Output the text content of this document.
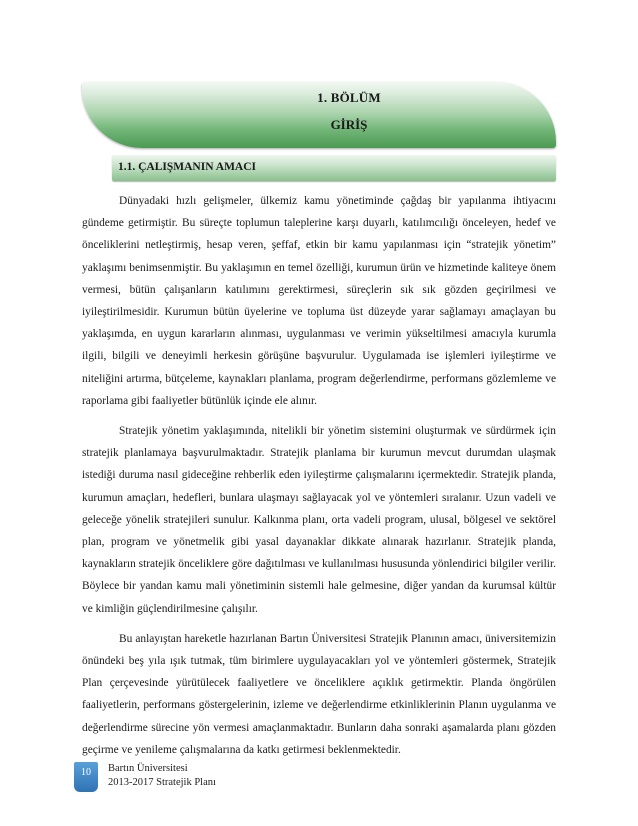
1. BÖLÜM
GİRİŞ
1.1. ÇALIŞMANIN AMACI

Dünyadaki hızlı gelişmeler, ülkemiz kamu yönetiminde çağdaş bir yapılanma ihtiyacını gündeme getirmiştir. Bu süreçte toplumun taleplerine karşı duyarlı, katılımcılığı önceleyen, hedef ve önceliklerini netleştirmiş, hesap veren, şeffaf, etkin bir kamu yapılanması için “stratejik yönetim” yaklaşımı benimsenmiştir. Bu yaklaşımın en temel özelliği, kurumun ürün ve hizmetinde kaliteye önem vermesi, bütün çalışanların katılımını gerektirmesi, süreçlerin sık sık gözden geçirilmesi ve iyileştirilmesidir. Kurumun bütün üyelerine ve topluma üst düzeyde yarar sağlamayı amaçlayan bu yaklaşımda, en uygun kararların alınması, uygulanması ve verimin yükseltilmesi amacıyla kurumla ilgili, bilgili ve deneyimli herkesin görüşüne başvurulur. Uygulamada ise işlemleri iyileştirme ve niteliğini artırma, bütçeleme, kaynakları planlama, program değerlendirme, performans gözlemleme ve raporlama gibi faaliyetler bütünlük içinde ele alınır.

Stratejik yönetim yaklaşımında, nitelikli bir yönetim sistemini oluşturmak ve sürdürmek için stratejik planlamaya başvurulmaktadır. Stratejik planlama bir kurumun mevcut durumdan ulaşmak istediği duruma nasıl gideceğine rehberlik eden iyileştirme çalışmalarını içermektedir. Stratejik planda, kurumun amaçları, hedefleri, bunlara ulaşmayı sağlayacak yol ve yöntemleri sıralanır. Uzun vadeli ve geleceğe yönelik stratejileri sunulur. Kalkınma planı, orta vadeli program, ulusal, bölgesel ve sektörel plan, program ve yönetmelik gibi yasal dayanaklar dikkate alınarak hazırlanır. Stratejik planda, kaynakların stratejik önceliklere göre dağıtılması ve kullanılması hususunda yönlendirici bilgiler verilir. Böylece bir yandan kamu mali yönetiminin sistemli hale gelmesine, diğer yandan da kurumsal kültür ve kimliğin güçlendirilmesine çalışılır.

Bu anlayıştan hareketle hazırlanan Bartın Üniversitesi Stratejik Planının amacı, üniversitemizin önündeki beş yıla ışık tutmak, tüm birimlere uygulayacakları yol ve yöntemleri göstermek, Stratejik Plan çerçevesinde yürütülecek faaliyetlere ve önceliklere açıklık getirmektir. Planda öngörülen faaliyetlerin, performans göstergelerinin, izleme ve değerlendirme etkinliklerinin Planın uygulanma ve değerlendirme sürecine yön vermesi amaçlanmaktadır. Bunların daha sonraki aşamalarda planı gözden geçirme ve yenileme çalışmalarına da katkı getirmesi beklenmektedir.

10	Bartın Üniversitesi
2013-2017 Stratejik Planı
